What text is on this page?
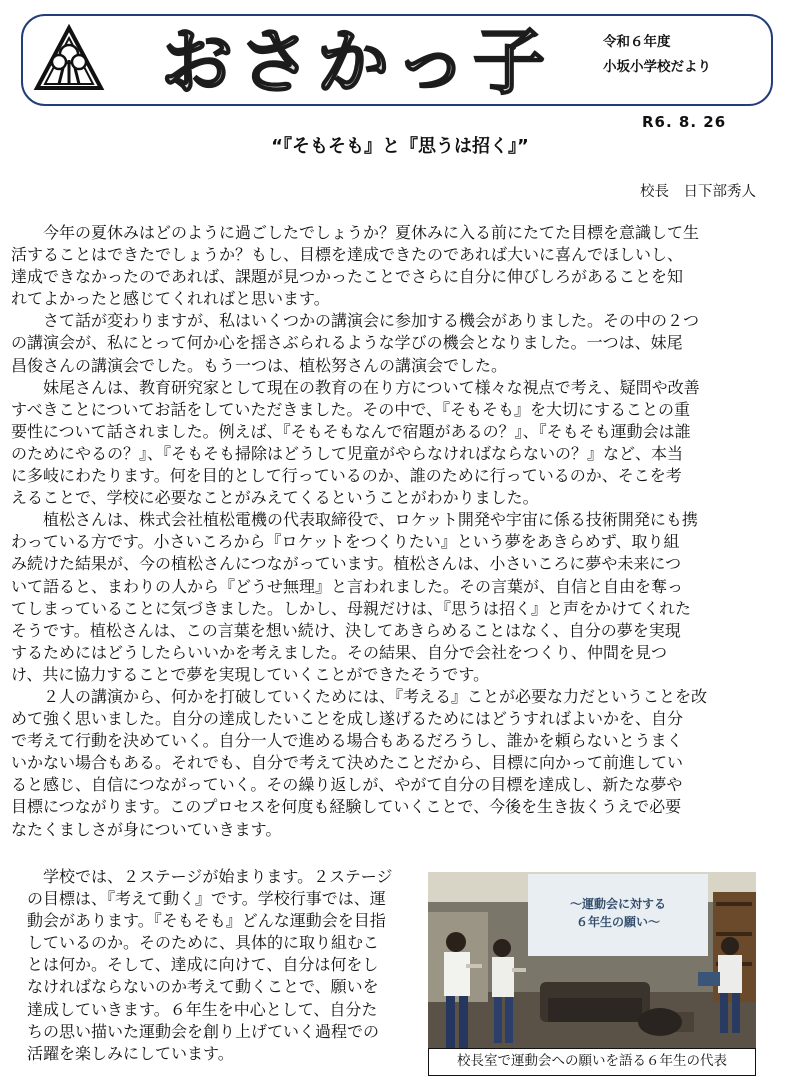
おさかっ子	令和６年度
小坂小学校だより
R6. 8. 26
“『そもそも』と『思うは招く』”
校長　日下部秀人

今年の夏休みはどのように過ごしたでしょうか？夏休みに入る前にたてた目標を意識して生
活することはできたでしょうか？もし、目標を達成できたのであれば大いに喜んでほしいし、
達成できなかったのであれば、課題が見つかったことでさらに自分に伸びしろがあることを知
れてよかったと感じてくれればと思います。

さて話が変わりますが、私はいくつかの講演会に参加する機会がありました。その中の２つ
の講演会が、私にとって何か心を揺さぶられるような学びの機会となりました。一つは、妹尾
昌俊さんの講演会でした。もう一つは、植松努さんの講演会でした。

妹尾さんは、教育研究家として現在の教育の在り方について様々な視点で考え、疑問や改善
すべきことについてお話をしていただきました。その中で、『そもそも』を大切にすることの重
要性について話されました。例えば、『そもそもなんで宿題があるの？』、『そもそも運動会は誰
のためにやるの？』、『そもそも掃除はどうして児童がやらなければならないの？』など、本当
に多岐にわたります。何を目的として行っているのか、誰のために行っているのか、そこを考
えることで、学校に必要なことがみえてくるということがわかりました。

植松さんは、株式会社植松電機の代表取締役で、ロケット開発や宇宙に係る技術開発にも携
わっている方です。小さいころから『ロケットをつくりたい』という夢をあきらめず、取り組
み続けた結果が、今の植松さんにつながっています。植松さんは、小さいころに夢や未来につ
いて語ると、まわりの人から『どうせ無理』と言われました。その言葉が、自信と自由を奪っ
てしまっていることに気づきました。しかし、母親だけは、『思うは招く』と声をかけてくれた
そうです。植松さんは、この言葉を想い続け、決してあきらめることはなく、自分の夢を実現
するためにはどうしたらいいかを考えました。その結果、自分で会社をつくり、仲間を見つ
け、共に協力することで夢を実現していくことができたそうです。

２人の講演から、何かを打破していくためには、『考える』ことが必要な力だということを改
めて強く思いました。自分の達成したいことを成し遂げるためにはどうすればよいかを、自分
で考えて行動を決めていく。自分一人で進める場合もあるだろうし、誰かを頼らないとうまく
いかない場合もある。それでも、自分で考えて決めたことだから、目標に向かって前進してい
ると感じ、自信につながっていく。その繰り返しが、やがて自分の目標を達成し、新たな夢や
目標につながります。このプロセスを何度も経験していくことで、今後を生き抜くうえで必要
なたくましさが身についていきます。

学校では、２ステージが始まります。２ステージ
の目標は、『考えて動く』です。学校行事では、運
動会があります。『そもそも』どんな運動会を目指
しているのか。そのために、具体的に取り組むこ
とは何か。そして、達成に向けて、自分は何をし
なければならないのか考えて動くことで、願いを
達成していきます。６年生を中心として、自分た
ちの思い描いた運動会を創り上げていく過程での
活躍を楽しみにしています。

～運動会に対する
６年生の願い～
校長室で運動会への願いを語る６年生の代表
